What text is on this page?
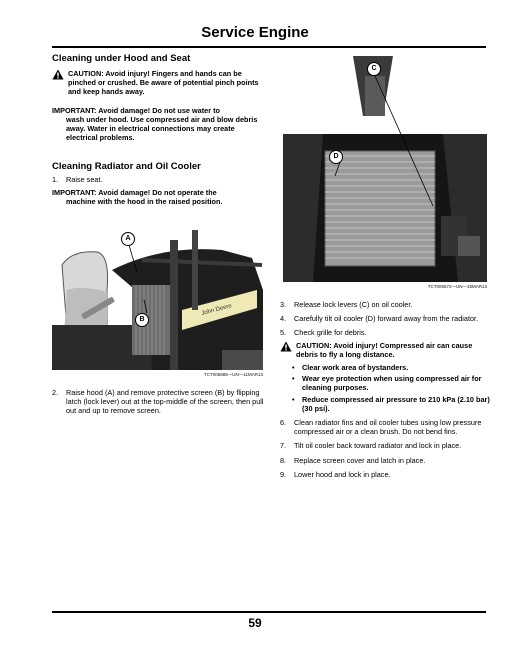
Service Engine
Cleaning under Hood and Seat
CAUTION: Avoid injury! Fingers and hands can be pinched or crushed. Be aware of potential pinch points and keep hands away.
IMPORTANT: Avoid damage! Do not use water to
wash under hood. Use compressed air and blow debris away. Water in electrical connections may create electrical problems.
Cleaning Radiator and Oil Cooler
1.	Raise seat.
IMPORTANT: Avoid damage! Do not operate the
machine with the hood in the raised position.
John Deere
A
B
TCT006885—UN—11MAR13
2.	Raise hood (A) and remove protective screen (B) by flipping latch (lock lever) out at the top-middle of the screen, then pull out and up to remove screen.
C
D
TCT006572—UN—15MAR13
3.	Release lock levers (C) on oil cooler.
4.	Carefully tilt oil cooler (D) forward away from the radiator.
5.	Check grille for debris.
CAUTION: Avoid injury! Compressed air can cause debris to fly a long distance.
•	Clear work area of bystanders.
•	Wear eye protection when using compressed air for cleaning purposes.
•	Reduce compressed air pressure to 210 kPa (2.10 bar) (30 psi).
6.	Clean radiator fins and oil cooler tubes using low pressure compressed air or a clean brush. Do not bend fins.
7.	Tilt oil cooler back toward radiator and lock in place.
8.	Replace screen cover and latch in place.
9.	Lower hood and lock in place.
59
